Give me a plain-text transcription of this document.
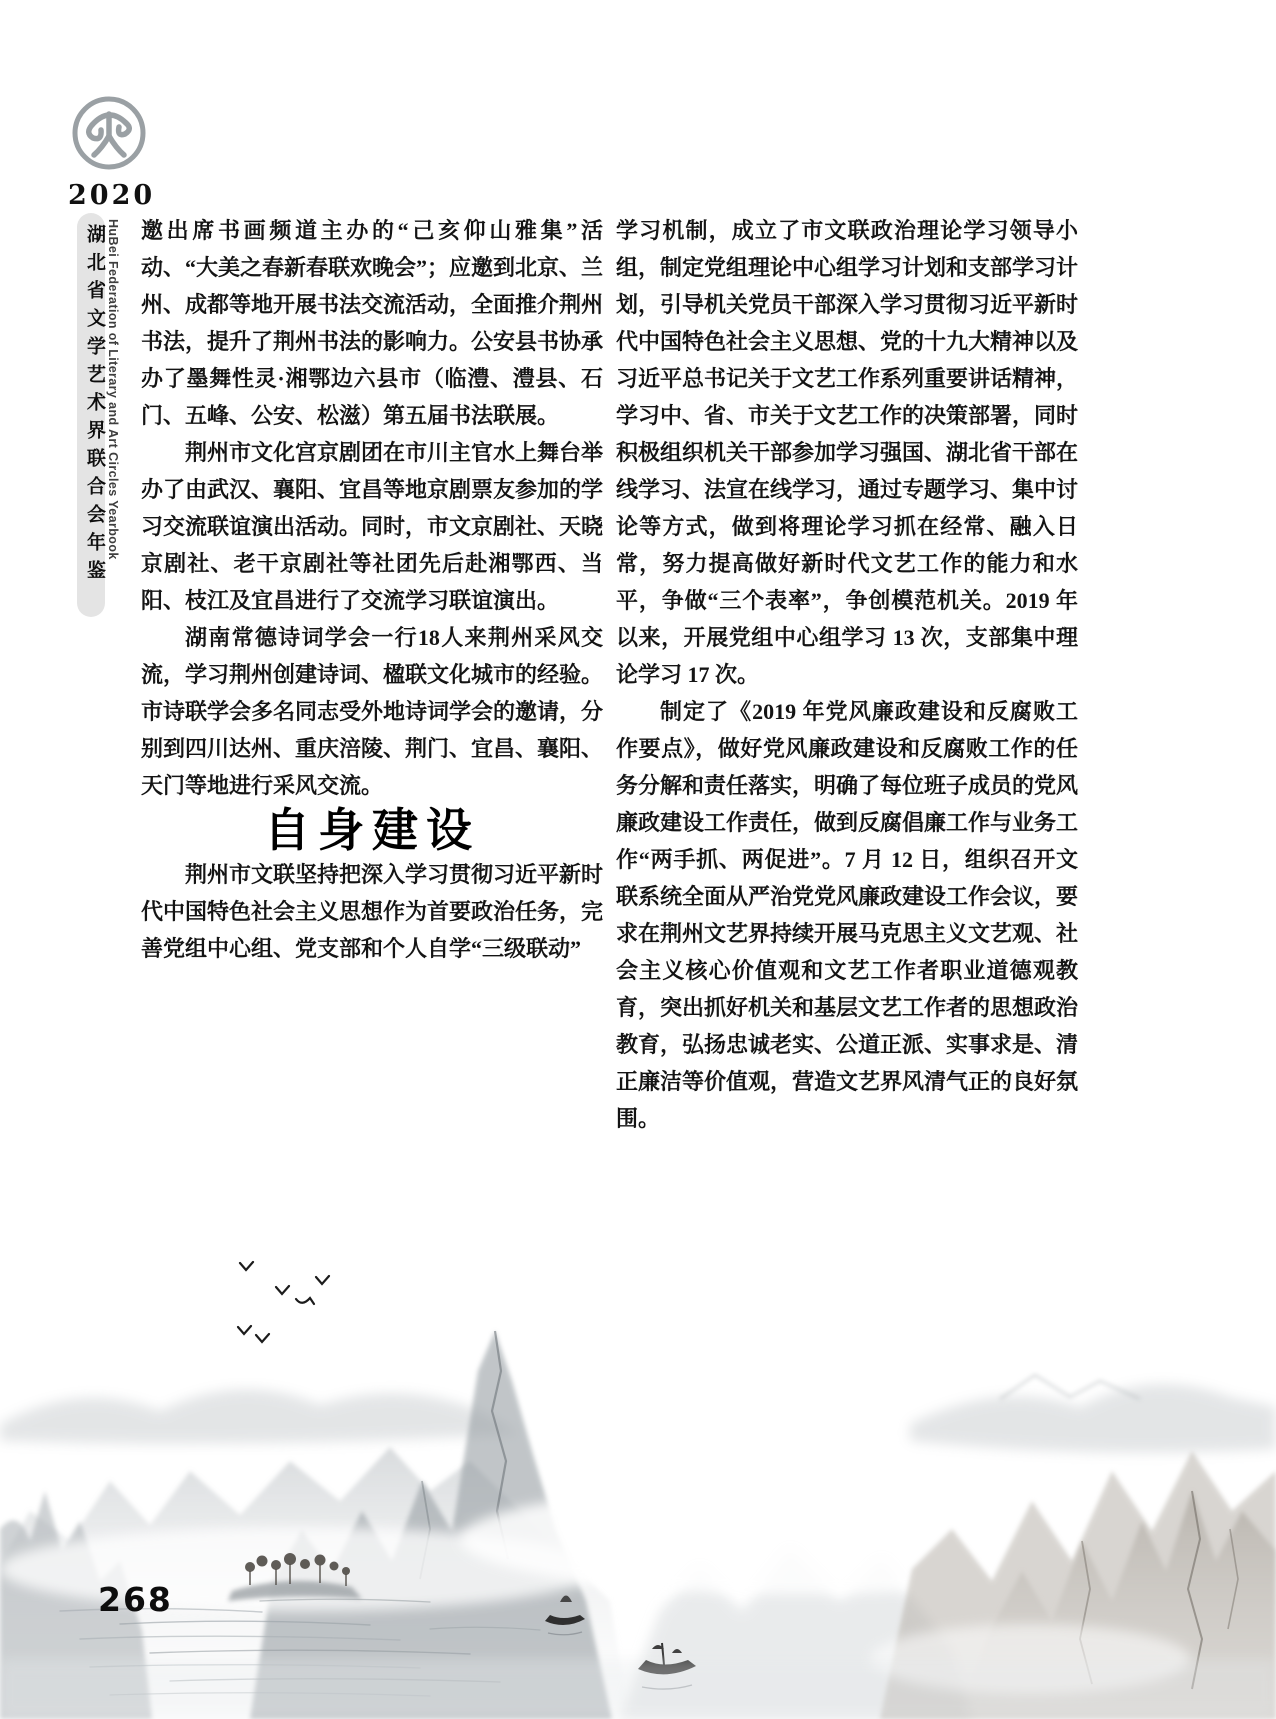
2020
湖北省文学艺术界联合会年鉴 HuBei Federation of Literary and Art Circles Yearbook 邀出席书画频道主办的“己亥仰山雅集”活动、“大美之春新春联欢晚会”；应邀到北京、兰州、成都等地开展书法交流活动，全面推介荆州书法，提升了荆州书法的影响力。公安县书协承办了墨舞性灵·湘鄂边六县市（临澧、澧县、石门、五峰、公安、松滋）第五届书法联展。

荆州市文化宫京剧团在市川主官水上舞台举办了由武汉、襄阳、宜昌等地京剧票友参加的学习交流联谊演出活动。同时，市文京剧社、天晓京剧社、老干京剧社等社团先后赴湘鄂西、当阳、枝江及宜昌进行了交流学习联谊演出。

湖南常德诗词学会一行18人来荆州采风交流，学习荆州创建诗词、楹联文化城市的经验。市诗联学会多名同志受外地诗词学会的邀请，分别到四川达州、重庆涪陵、荆门、宜昌、襄阳、天门等地进行采风交流。

自身建设

荆州市文联坚持把深入学习贯彻习近平新时代中国特色社会主义思想作为首要政治任务，完善党组中心组、党支部和个人自学“三级联动”

学习机制，成立了市文联政治理论学习领导小组，制定党组理论中心组学习计划和支部学习计划，引导机关党员干部深入学习贯彻习近平新时代中国特色社会主义思想、党的十九大精神以及习近平总书记关于文艺工作系列重要讲话精神，学习中、省、市关于文艺工作的决策部署，同时积极组织机关干部参加学习强国、湖北省干部在线学习、法宣在线学习，通过专题学习、集中讨论等方式，做到将理论学习抓在经常、融入日常，努力提高做好新时代文艺工作的能力和水平，争做“三个表率”，争创模范机关。2019 年以来，开展党组中心组学习 13 次，支部集中理论学习 17 次。

制定了《2019 年党风廉政建设和反腐败工作要点》，做好党风廉政建设和反腐败工作的任务分解和责任落实，明确了每位班子成员的党风廉政建设工作责任，做到反腐倡廉工作与业务工作“两手抓、两促进”。7 月 12 日，组织召开文联系统全面从严治党党风廉政建设工作会议，要求在荆州文艺界持续开展马克思主义文艺观、社会主义核心价值观和文艺工作者职业道德观教育，突出抓好机关和基层文艺工作者的思想政治教育，弘扬忠诚老实、公道正派、实事求是、清正廉洁等价值观，营造文艺界风清气正的良好氛围。

268
